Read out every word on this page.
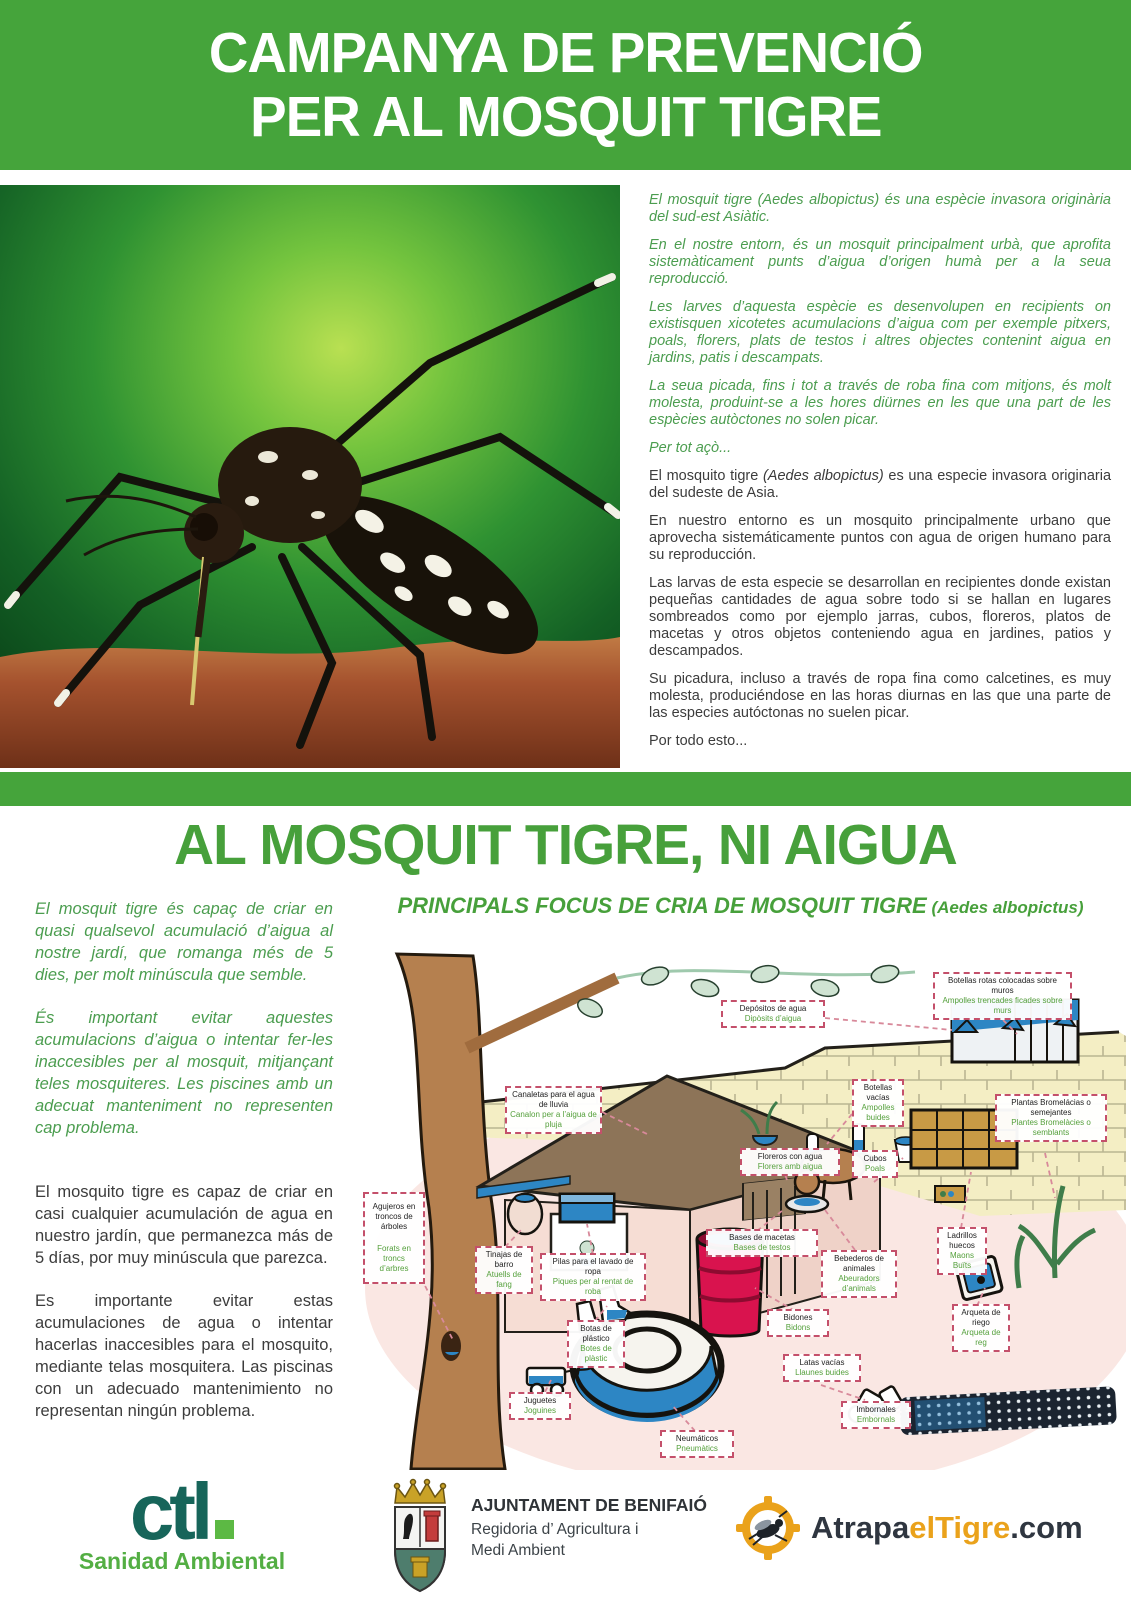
CAMPANYA DE PREVENCIÓ
PER AL MOSQUIT TIGRE

El mosquit tigre (Aedes albopictus) és una espècie invasora originària del sud-est Asiàtic.

En el nostre entorn, és un mosquit principalment urbà, que aprofita sistemàticament punts d’aigua d’origen humà per a la seua reproducció.

Les larves d’aquesta espècie es desenvolupen en recipients on existisquen xicotetes acumulacions d’aigua com per exemple pitxers, poals, florers, plats de testos i altres objectes contenint aigua en jardins, patis i descampats.

La seua picada, fins i tot a través de roba fina com mitjons, és molt molesta, produint-se a les hores diürnes en les que una part de les espècies autòctones no solen picar.

Per tot açò...

El mosquito tigre (Aedes albopictus) es una especie invasora originaria del sudeste de Asia.

En nuestro entorno es un mosquito principalmente urbano que aprovecha sistemáticamente puntos con agua de origen humano para su reproducción.

Las larvas de esta especie se desarrollan en recipientes donde existan pequeñas cantidades de agua sobre todo si se hallan en lugares sombreados como por ejemplo jarras, cubos, floreros, platos de macetas y otros objetos conteniendo agua en jardines, patios y descampados.

Su picadura, incluso a través de ropa fina como calcetines, es muy molesta, produciéndose en las horas diurnas en las que una parte de las especies autóctonas no suelen picar.

Por todo esto...

AL MOSQUIT TIGRE, NI AIGUA

El mosquit tigre és capaç de criar en quasi qualsevol acumulació d’aigua al nostre jardí, que romanga més de 5 dies, per molt minúscula que semble.

És important evitar aquestes acumulacions d’aigua o intentar fer-les inaccesibles per al mosquit, mitjançant teles mosquiteres. Les piscines amb un adecuat manteniment no representen cap problema.

El mosquito tigre es capaz de criar en casi cualquier acumulación de agua en nuestro jardín, que permanezca más de 5 días, por muy minúscula que parezca.

Es importante evitar estas acumulaciones de agua o intentar hacerlas inaccesibles para el mosquito, mediante telas mosquitera. Las piscinas con un adecuado mantenimiento no representan ningún problema.

PRINCIPALS FOCUS DE CRIA DE MOSQUIT TIGRE (Aedes albopictus)
Depósitos de agua
Dipòsits d’aigua
Botellas rotas colocadas sobre muros
Ampolles trencades ficades sobre murs
Canaletas para el agua de lluvia
Canalon per a l’aigua de pluja
Botellas vacías
Ampolles buides
Plantas Bromelácias o semejantes
Plantes Bromelàcies o semblants
Floreros con agua
Florers amb aigua
Cubos
Poals
Agujeros en troncos de árboles
Forats en troncs d’arbres
Tinajas de barro
Atuells de fang
Pilas para el lavado de ropa
Piques per al rentat de roba
Bases de macetas
Bases de testos
Bebederos de animales
Abeuradors d’animals
Ladrillos huecos
Maons Buïts
Arqueta de riego
Arqueta de reg
Bidones
Bidons
Botas de plástico
Botes de plàstic	Latas vacías
Llaunes buides
Juguetes
Joguines
Neumáticos
Pneumàtics
Imbornales
Embornals
ctl
Sanidad Ambiental
AJUNTAMENT DE BENIFAIÓ
Regidoria d’ Agricultura i
Medi Ambient
AtrapaelTigre.com
